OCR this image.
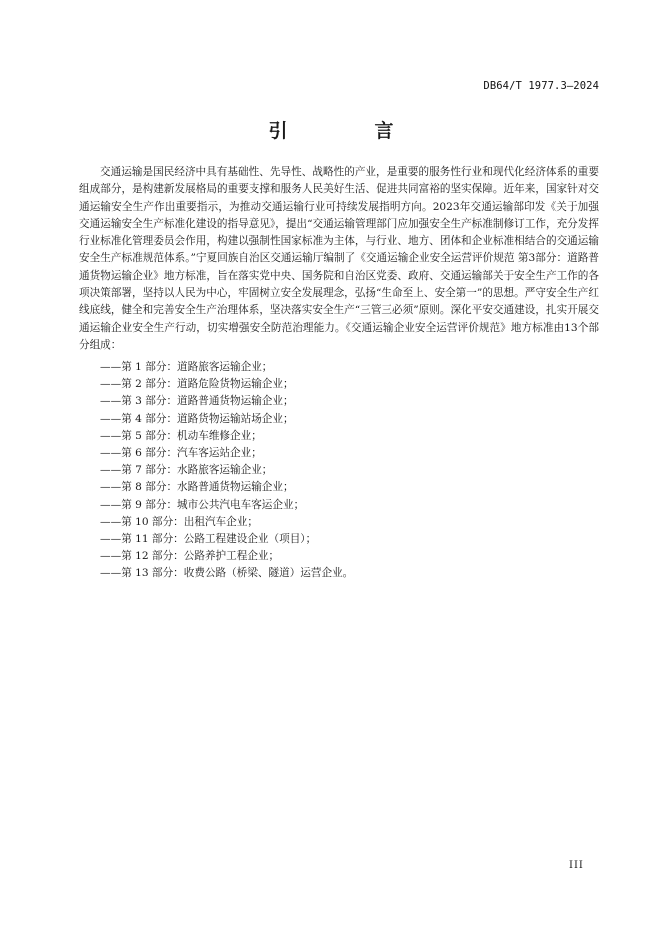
DB64/T 1977.3—2024
引　言

交通运输是国民经济中具有基础性、先导性、战略性的产业，是重要的服务性行业和现代化经济体系的重要组成部分，是构建新发展格局的重要支撑和服务人民美好生活、促进共同富裕的坚实保障。近年来，国家针对交通运输安全生产作出重要指示，为推动交通运输行业可持续发展指明方向。2023年交通运输部印发《关于加强交通运输安全生产标准化建设的指导意见》，提出“交通运输管理部门应加强安全生产标准制修订工作，充分发挥行业标准化管理委员会作用，构建以强制性国家标准为主体，与行业、地方、团体和企业标准相结合的交通运输安全生产标准规范体系。”宁夏回族自治区交通运输厅编制了《交通运输企业安全运营评价规范 第3部分：道路普通货物运输企业》地方标准，旨在落实党中央、国务院和自治区党委、政府、交通运输部关于安全生产工作的各项决策部署，坚持以人民为中心，牢固树立安全发展理念，弘扬“生命至上、安全第一”的思想。严守安全生产红线底线，健全和完善安全生产治理体系，坚决落实安全生产“三管三必须”原则。深化平安交通建设，扎实开展交通运输企业安全生产行动，切实增强安全防范治理能力。《交通运输企业安全运营评价规范》地方标准由13个部分组成：

——第 1 部分：道路旅客运输企业；
——第 2 部分：道路危险货物运输企业；
——第 3 部分：道路普通货物运输企业；
——第 4 部分：道路货物运输站场企业；
——第 5 部分：机动车维修企业；
——第 6 部分：汽车客运站企业；
——第 7 部分：水路旅客运输企业；
——第 8 部分：水路普通货物运输企业；
——第 9 部分：城市公共汽电车客运企业；
——第 10 部分：出租汽车企业；
——第 11 部分：公路工程建设企业（项目）；
——第 12 部分：公路养护工程企业；
——第 13 部分：收费公路（桥梁、隧道）运营企业。
III
